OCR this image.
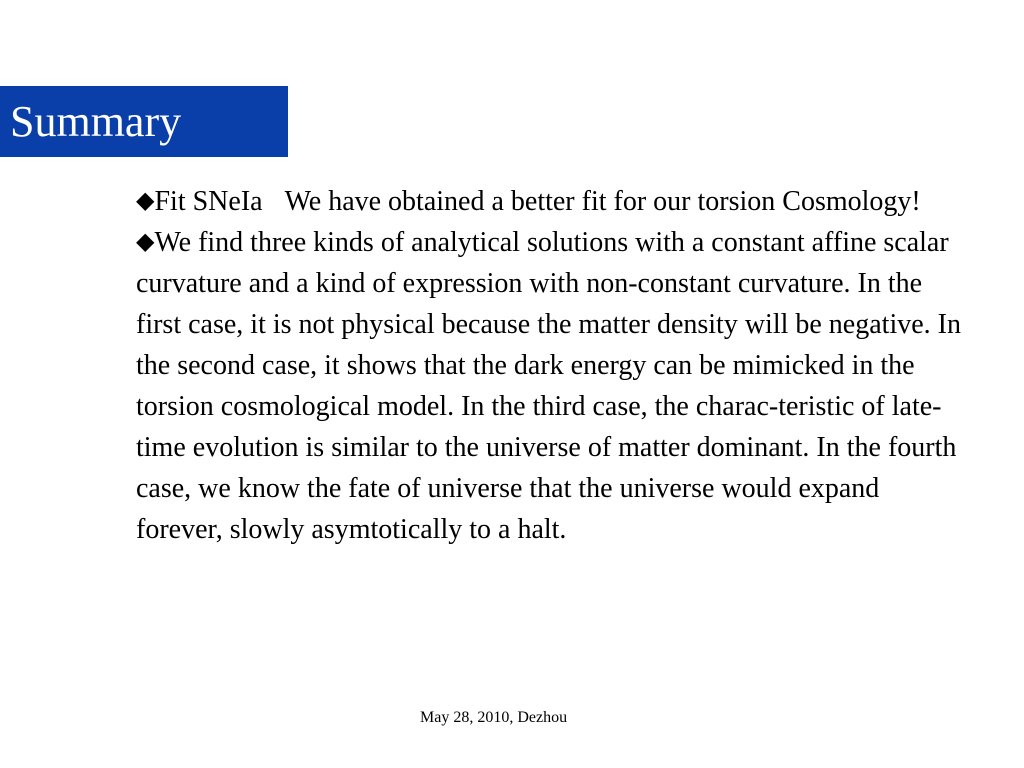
Summary

◆Fit SNeIa We have obtained a better fit for our torsion Cosmology!

◆We find three kinds of analytical solutions with a constant affine scalar curvature and a kind of expression with non-constant curvature. In the first case, it is not physical because the matter density will be negative. In the second case, it shows that the dark energy can be mimicked in the torsion cosmological model. In the third case, the charac-teristic of late-time evolution is similar to the universe of matter dominant. In the fourth case, we know the fate of universe that the universe would expand forever, slowly asymtotically to a halt.

May 28, 2010, Dezhou
